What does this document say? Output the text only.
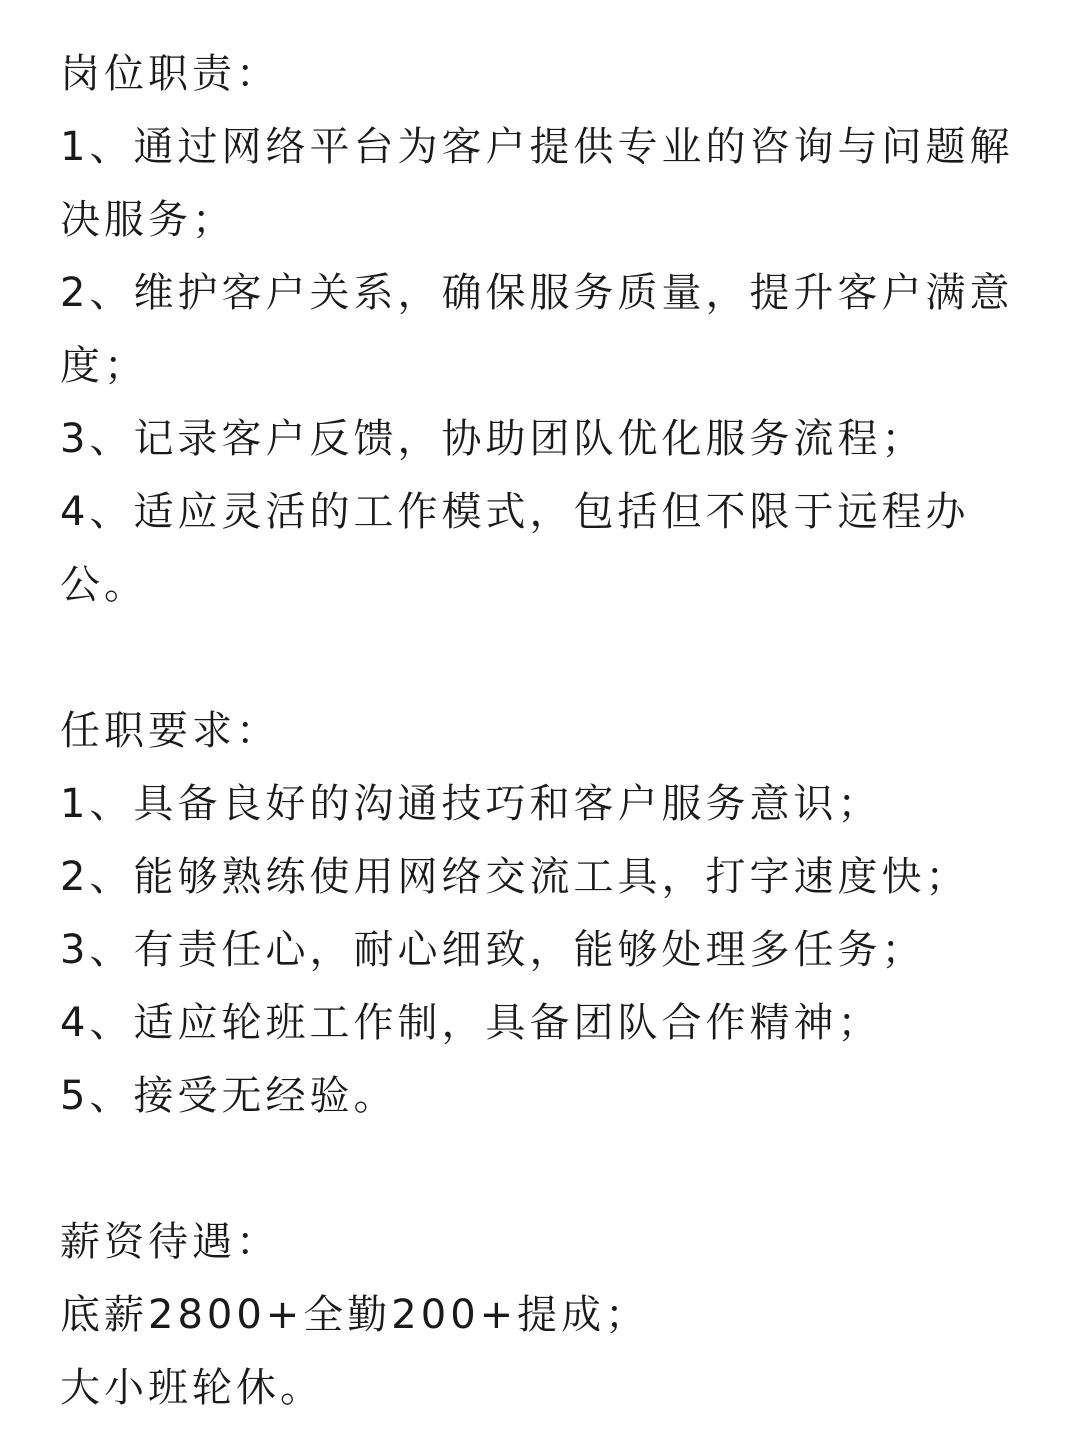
岗位职责：

1、通过网络平台为客户提供专业的咨询与问题解

决服务；

2、维护客户关系，确保服务质量，提升客户满意

度；

3、记录客户反馈，协助团队优化服务流程；

4、适应灵活的工作模式，包括但不限于远程办

公。

任职要求：

1、具备良好的沟通技巧和客户服务意识；

2、能够熟练使用网络交流工具，打字速度快；

3、有责任心，耐心细致，能够处理多任务；

4、适应轮班工作制，具备团队合作精神；

5、接受无经验。

薪资待遇：

底薪2800+全勤200+提成；

大小班轮休。
